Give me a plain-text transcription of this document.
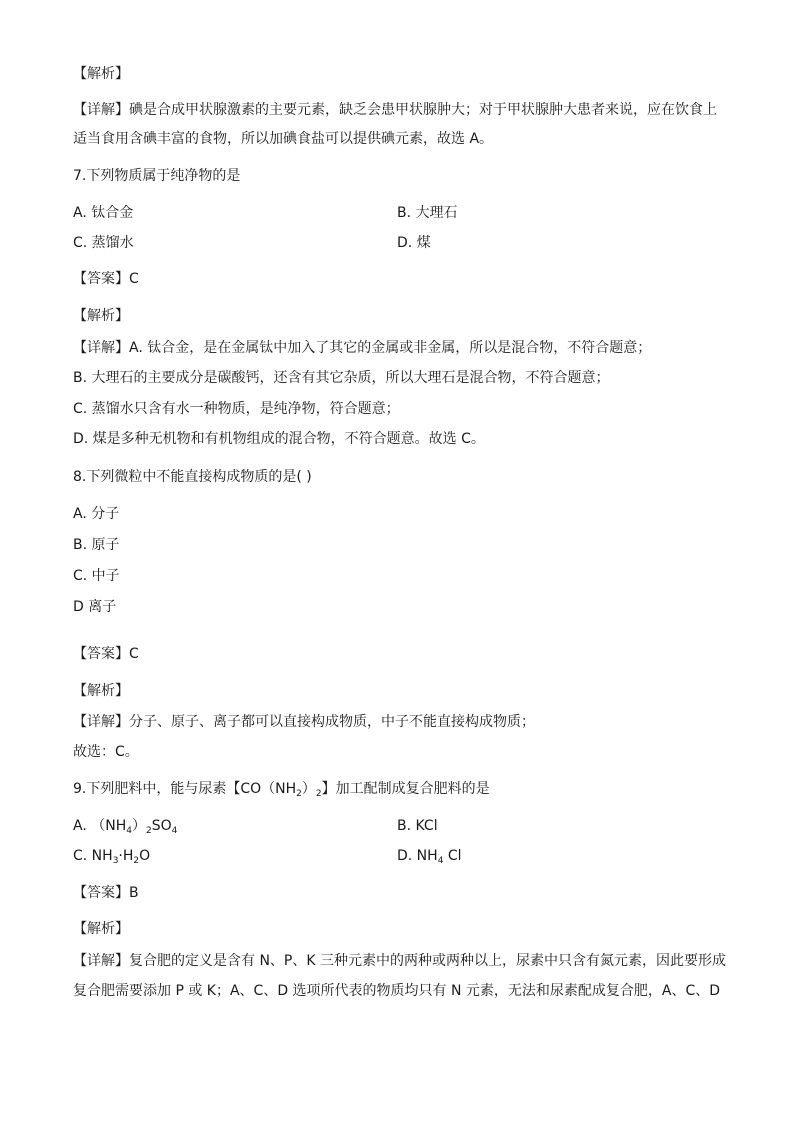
【解析】
【详解】碘是合成甲状腺激素的主要元素，缺乏会患甲状腺肿大；对于甲状腺肿大患者来说，应在饮食上
适当食用含碘丰富的食物，所以加碘食盐可以提供碘元素，故选 A。
7.下列物质属于纯净物的是
A. 钛合金	B. 大理石
C. 蒸馏水	D. 煤
【答案】C
【解析】
【详解】A. 钛合金，是在金属钛中加入了其它的金属或非金属，所以是混合物，不符合题意；
B. 大理石的主要成分是碳酸钙，还含有其它杂质，所以大理石是混合物，不符合题意；
C. 蒸馏水只含有水一种物质，是纯净物，符合题意；
D. 煤是多种无机物和有机物组成的混合物，不符合题意。故选 C。
8.下列微粒中不能直接构成物质的是( )
A. 分子
B. 原子
C. 中子
D 离子
【答案】C
【解析】
【详解】分子、原子、离子都可以直接构成物质，中子不能直接构成物质；
故选：C。
9.下列肥料中，能与尿素【$CO(NH_2)_2$】加工配制成复合肥料的是
A. $(NH_4)_2SO_4$	B. KCl
C. $NH_3\cdot H_2O$	D. $NH_4$ Cl
【答案】B
【解析】
【详解】复合肥的定义是含有 N、P、K 三种元素中的两种或两种以上，尿素中只含有氮元素，因此要形成
复合肥需要添加 P 或 K；A、C、D 选项所代表的物质均只有 N 元素，无法和尿素配成复合肥，A、C、D
